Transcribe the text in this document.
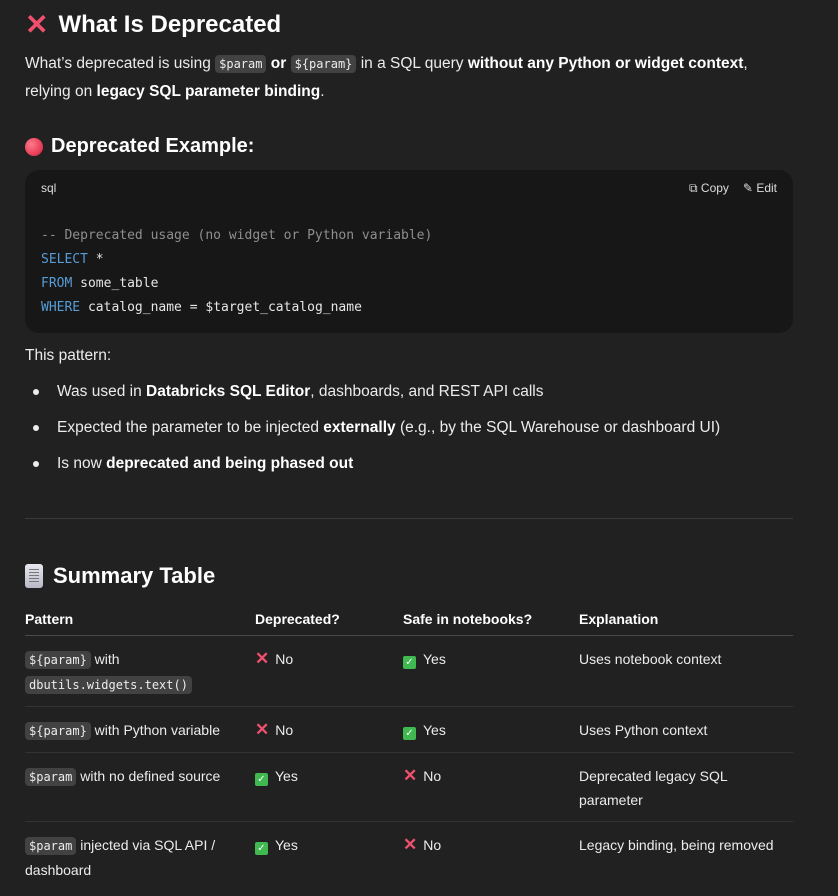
✕ What Is Deprecated

What’s deprecated is using $param or ${param} in a SQL query without any Python or widget context, relying on legacy SQL parameter binding.

Deprecated Example:
sql	⧉ Copy ✎ Edit
-- Deprecated usage (no widget or Python variable)
SELECT *
FROM some_table
WHERE catalog_name = $target_catalog_name

This pattern:

Was used in Databricks SQL Editor, dashboards, and REST API calls
Expected the parameter to be injected externally (e.g., by the SQL Warehouse or dashboard UI)
Is now deprecated and being phased out
Summary Table
Pattern	Deprecated?	Safe in notebooks?	Explanation
${param} with
dbutils.widgets.text()	✕ No	✓ Yes	Uses notebook context
${param} with Python variable	✕ No	✓ Yes	Uses Python context
$param with no defined source	✓ Yes	✕ No	Deprecated legacy SQL parameter
$param injected via SQL API / dashboard	✓ Yes	✕ No	Legacy binding, being removed
